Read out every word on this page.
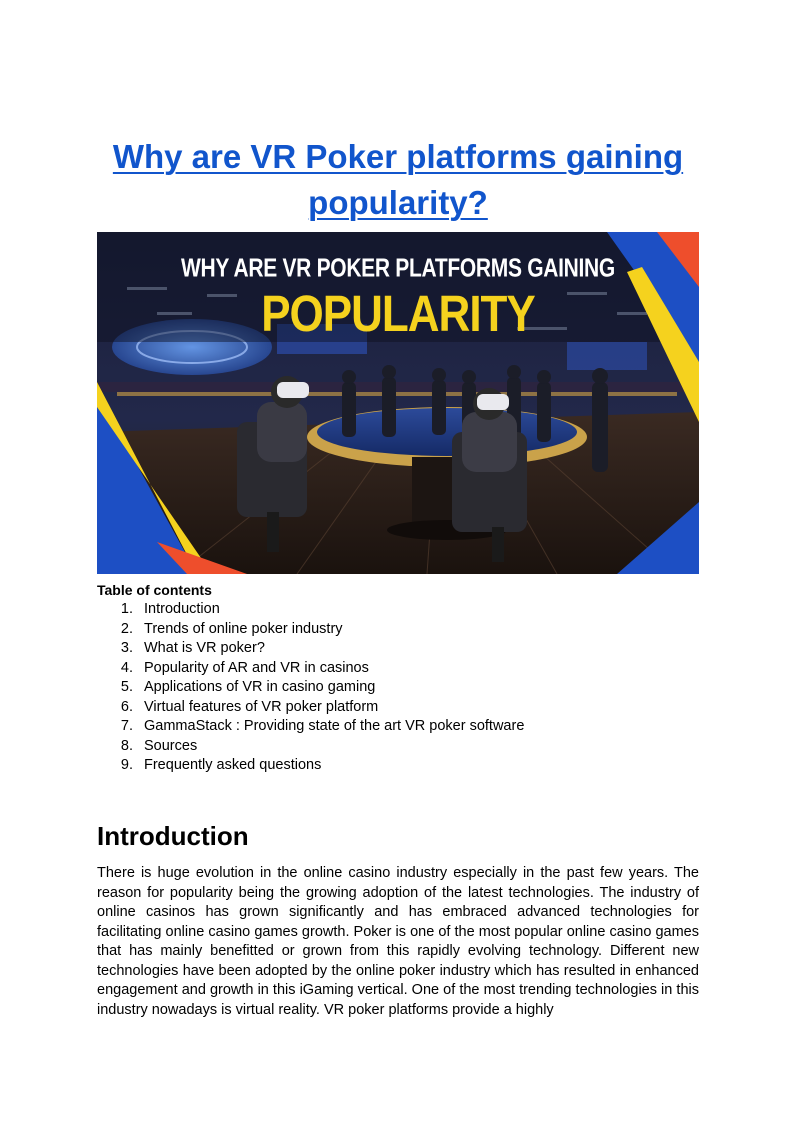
Why are VR Poker platforms gaining popularity?
WHY ARE VR POKER PLATFORMS GAINING
POPULARITY

Table of contents

1. Introduction
2. Trends of online poker industry
3. What is VR poker?
4. Popularity of AR and VR in casinos
5. Applications of VR in casino gaming
6. Virtual features of VR poker platform
7. GammaStack : Providing state of the art VR poker software
8. Sources
9. Frequently asked questions
Introduction

There is huge evolution in the online casino industry especially in the past few years. The reason for popularity being the growing adoption of the latest technologies. The industry of online casinos has grown significantly and has embraced advanced technologies for facilitating online casino games growth. Poker is one of the most popular online casino games that has mainly benefitted or grown from this rapidly evolving technology. Different new technologies have been adopted by the online poker industry which has resulted in enhanced engagement and growth in this iGaming vertical. One of the most trending technologies in this industry nowadays is virtual reality. VR poker platforms provide a highly
